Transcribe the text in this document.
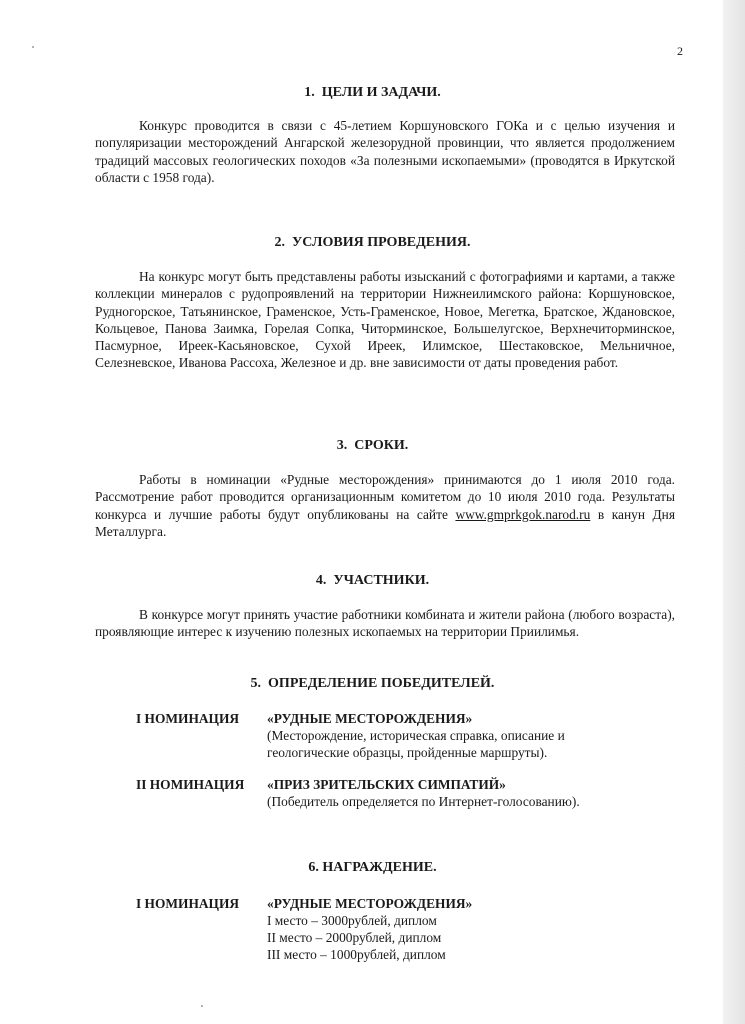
2
1.  ЦЕЛИ И ЗАДАЧИ.

Конкурс проводится в связи с 45-летием Коршуновского ГОКа и с целью изучения и популяризации месторождений Ангарской железорудной провинции, что является продолжением традиций массовых геологических походов «За полезными ископаемыми» (проводятся в Иркутской области с 1958 года).

2.  УСЛОВИЯ ПРОВЕДЕНИЯ.

На конкурс могут быть представлены работы изысканий с фотографиями и картами, а также коллекции минералов с рудопроявлений на территории Нижнеилимского района: Коршуновское, Рудногорское, Татьянинское, Граменское, Усть-Граменское, Новое, Мегетка, Братское, Ждановское, Кольцевое, Панова Заимка, Горелая Сопка, Читорминское, Большелугское, Верхнечиторминское, Пасмурное, Иреек-Касьяновское, Сухой Иреек, Илимское, Шестаковское, Мельничное, Селезневское, Иванова Рассоха, Железное и др. вне зависимости от даты проведения работ.

3.  СРОКИ.

Работы в номинации «Рудные месторождения» принимаются до 1 июля 2010 года. Рассмотрение работ проводится организационным комитетом до 10 июля 2010 года. Результаты конкурса и лучшие работы будут опубликованы на сайте www.gmprkgok.narod.ru в канун Дня Металлурга.

4.  УЧАСТНИКИ.

В конкурсе могут принять участие работники комбината и жители района (любого возраста), проявляющие интерес к изучению полезных ископаемых на территории Приилимья.

5.  ОПРЕДЕЛЕНИЕ ПОБЕДИТЕЛЕЙ.
I НОМИНАЦИЯ «РУДНЫЕ МЕСТОРОЖДЕНИЯ»
(Месторождение, историческая справка, описание и
геологические образцы, пройденные маршруты).
II НОМИНАЦИЯ «ПРИЗ ЗРИТЕЛЬСКИХ СИМПАТИЙ»
(Победитель определяется по Интернет-голосованию).
6. НАГРАЖДЕНИЕ.
I НОМИНАЦИЯ «РУДНЫЕ МЕСТОРОЖДЕНИЯ»
I место – 3000рублей, диплом
II место – 2000рублей, диплом
III место – 1000рублей, диплом
